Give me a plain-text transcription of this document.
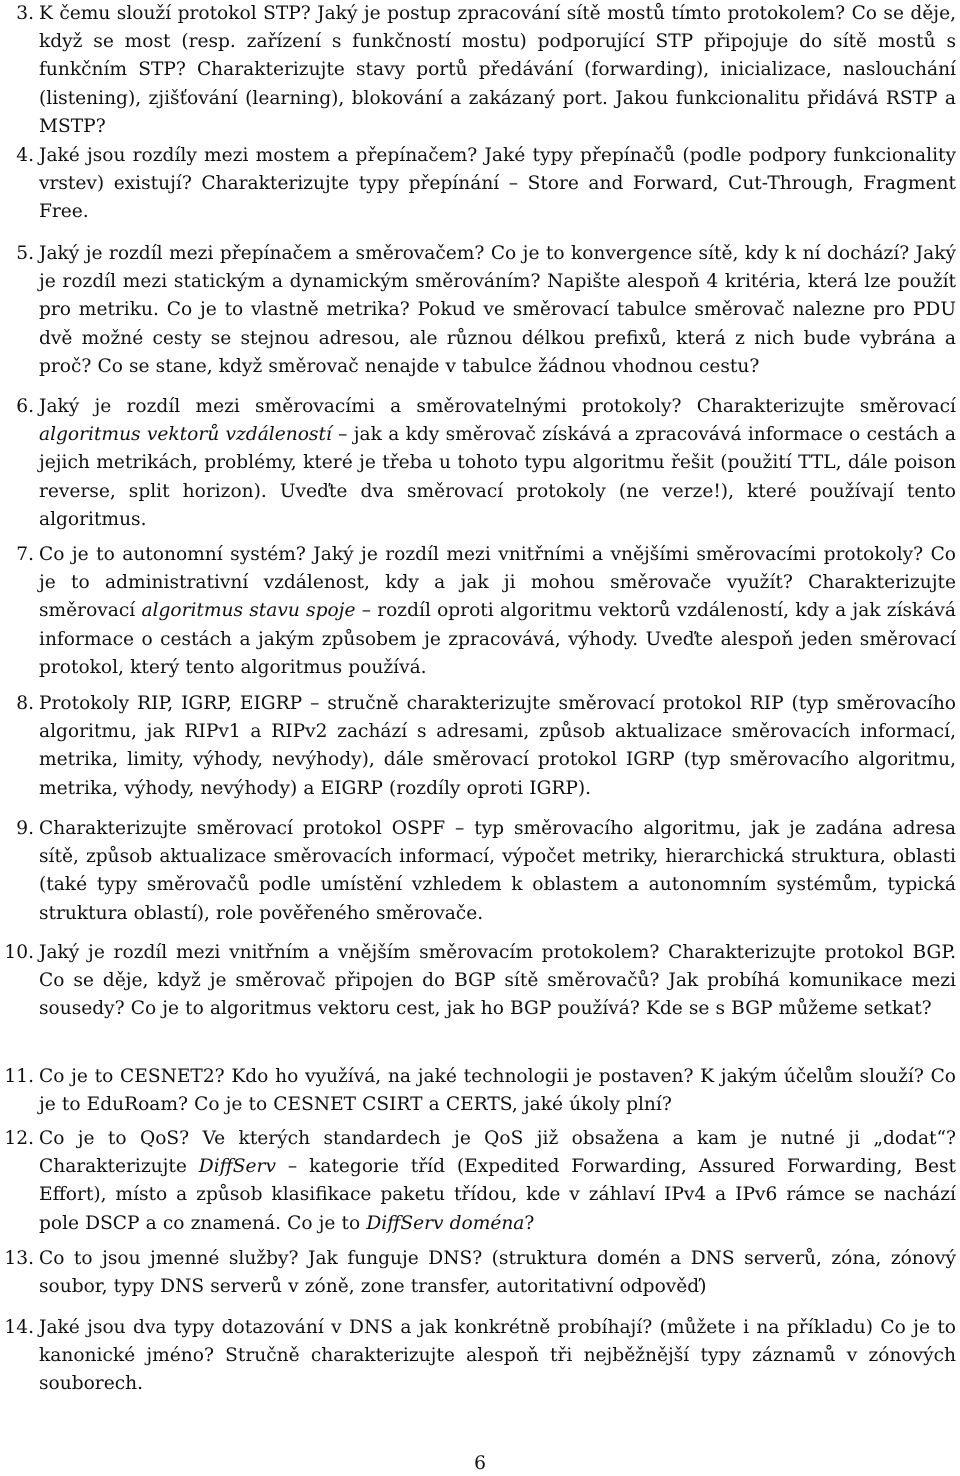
3. K čemu slouží protokol STP? Jaký je postup zpracování sítě mostů tímto protokolem? Co se děje, když se most (resp. zařízení s funkčností mostu) podporující STP připojuje do sítě mostů s funkčním STP? Charakterizujte stavy portů předávání (forwarding), inicializace, naslouchání (listening), zjišťování (learning), blokování a zakázaný port. Jakou funkcionalitu přidává RSTP a MSTP?

4. Jaké jsou rozdíly mezi mostem a přepínačem? Jaké typy přepínačů (podle podpory funkcionality vrstev) existují? Charakterizujte typy přepínání – Store and Forward, Cut-Through, Fragment Free.

5. Jaký je rozdíl mezi přepínačem a směrovačem? Co je to konvergence sítě, kdy k ní dochází? Jaký je rozdíl mezi statickým a dynamickým směrováním? Napište alespoň 4 kritéria, která lze použít pro metriku. Co je to vlastně metrika? Pokud ve směrovací tabulce směrovač nalezne pro PDU dvě možné cesty se stejnou adresou, ale různou délkou prefixů, která z nich bude vybrána a proč? Co se stane, když směrovač nenajde v tabulce žádnou vhodnou cestu?

6. Jaký je rozdíl mezi směrovacími a směrovatelnými protokoly? Charakterizujte směrovací algoritmus vektorů vzdáleností – jak a kdy směrovač získává a zpracovává informace o cestách a jejich metrikách, problémy, které je třeba u tohoto typu algoritmu řešit (použití TTL, dále poison reverse, split horizon). Uveďte dva směrovací protokoly (ne verze!), které používají tento algoritmus.

7. Co je to autonomní systém? Jaký je rozdíl mezi vnitřními a vnějšími směrovacími protokoly? Co je to administrativní vzdálenost, kdy a jak ji mohou směrovače využít? Charakterizujte směrovací algoritmus stavu spoje – rozdíl oproti algoritmu vektorů vzdáleností, kdy a jak získává informace o cestách a jakým způsobem je zpracovává, výhody. Uveďte alespoň jeden směrovací protokol, který tento algoritmus používá.

8. Protokoly RIP, IGRP, EIGRP – stručně charakterizujte směrovací protokol RIP (typ směrovacího algoritmu, jak RIPv1 a RIPv2 zachází s adresami, způsob aktualizace směrovacích informací, metrika, limity, výhody, nevýhody), dále směrovací protokol IGRP (typ směrovacího algoritmu, metrika, výhody, nevýhody) a EIGRP (rozdíly oproti IGRP).

9. Charakterizujte směrovací protokol OSPF – typ směrovacího algoritmu, jak je zadána adresa sítě, způsob aktualizace směrovacích informací, výpočet metriky, hierarchická struktura, oblasti (také typy směrovačů podle umístění vzhledem k oblastem a autonomním systémům, typická struktura oblastí), role pověřeného směrovače.

10. Jaký je rozdíl mezi vnitřním a vnějším směrovacím protokolem? Charakterizujte protokol BGP. Co se děje, když je směrovač připojen do BGP sítě směrovačů? Jak probíhá komunikace mezi sousedy? Co je to algoritmus vektoru cest, jak ho BGP používá? Kde se s BGP můžeme setkat?

11. Co je to CESNET2? Kdo ho využívá, na jaké technologii je postaven? K jakým účelům slouží? Co je to EduRoam? Co je to CESNET CSIRT a CERTS, jaké úkoly plní?

12. Co je to QoS? Ve kterých standardech je QoS již obsažena a kam je nutné ji „dodat“? Charakterizujte DiffServ – kategorie tříd (Expedited Forwarding, Assured Forwarding, Best Effort), místo a způsob klasifikace paketu třídou, kde v záhlaví IPv4 a IPv6 rámce se nachází pole DSCP a co znamená. Co je to DiffServ doména?

13. Co to jsou jmenné služby? Jak funguje DNS? (struktura domén a DNS serverů, zóna, zónový soubor, typy DNS serverů v zóně, zone transfer, autoritativní odpověď)

14. Jaké jsou dva typy dotazování v DNS a jak konkrétně probíhají? (můžete i na příkladu) Co je to kanonické jméno? Stručně charakterizujte alespoň tři nejběžnější typy záznamů v zónových souborech.

6
